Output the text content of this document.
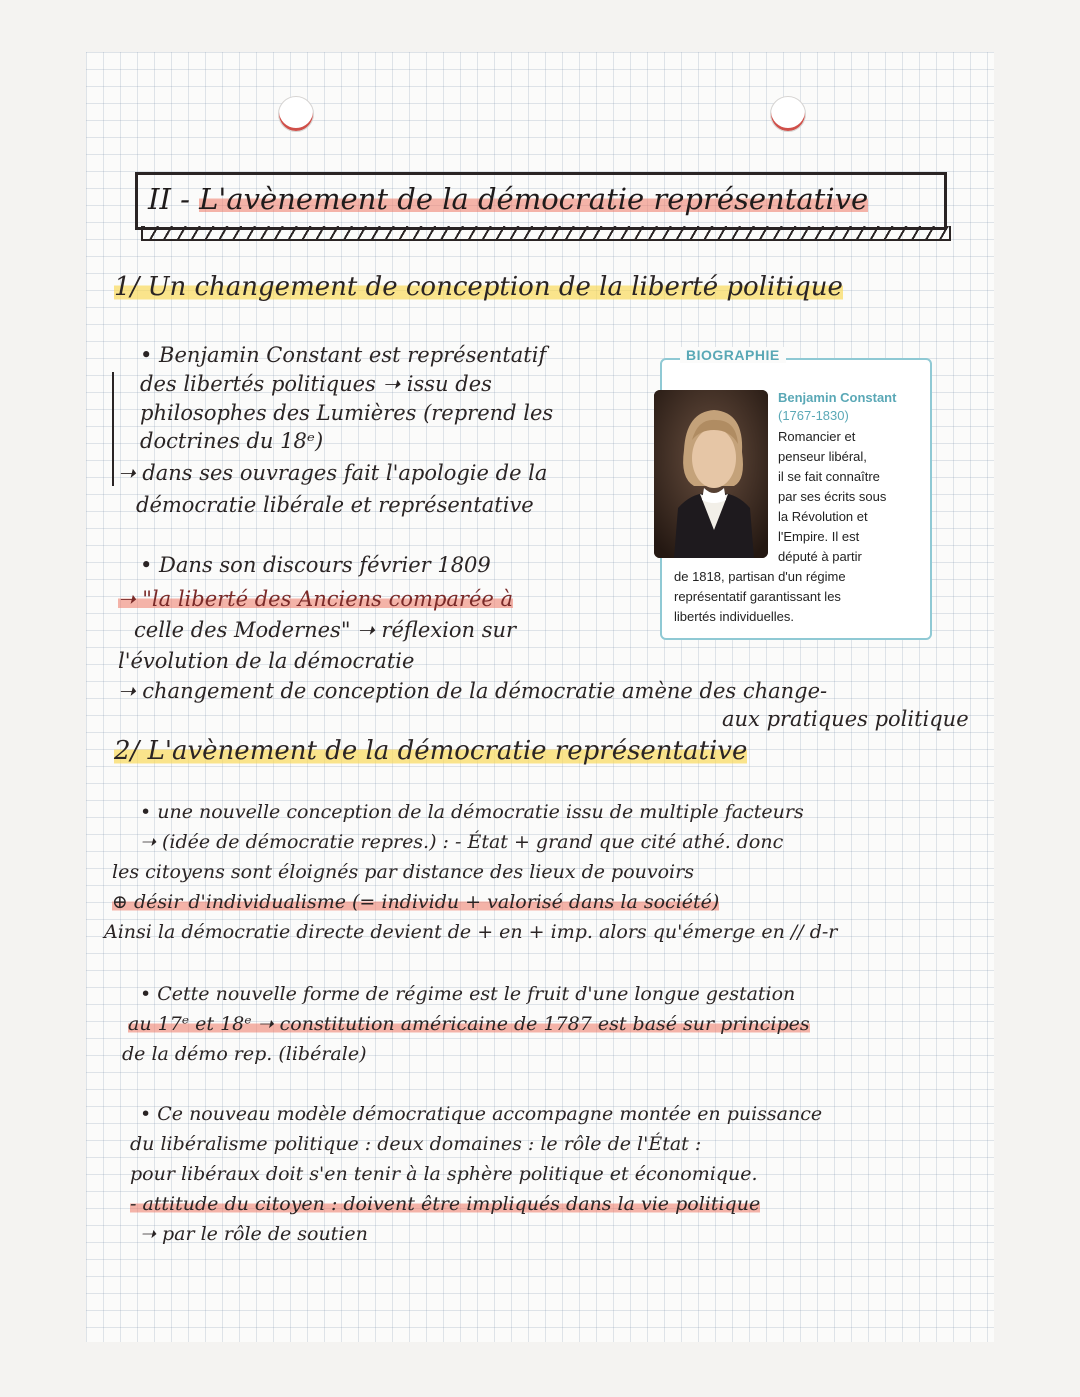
II - L'avènement de la démocratie représentative
1/ Un changement de conception de la liberté politique
• Benjamin Constant est représentatif
des libertés politiques ➝ issu des
philosophes des Lumières (reprend les
doctrines du 18ᵉ)
➝ dans ses ouvrages fait l'apologie de la
démocratie libérale et représentative
BIOGRAPHIE
Benjamin Constant
(1767-1830)
Romancier et
penseur libéral,
il se fait connaître
par ses écrits sous
la Révolution et
l'Empire. Il est
député à partir
de 1818, partisan d'un régime
représentatif garantissant les
libertés individuelles.
• Dans son discours février 1809
➝ "la liberté des Anciens comparée à
celle des Modernes" ➝ réflexion sur
l'évolution de la démocratie
➝ changement de conception de la démocratie amène des change-
aux pratiques politique
2/ L'avènement de la démocratie représentative
• une nouvelle conception de la démocratie issu de multiple facteurs
➝ (idée de démocratie repres.) : - État + grand que cité athé. donc
les citoyens sont éloignés par distance des lieux de pouvoirs
⊕ désir d'individualisme (= individu + valorisé dans la société)
Ainsi la démocratie directe devient de + en + imp. alors qu'émerge en // d-r
• Cette nouvelle forme de régime est le fruit d'une longue gestation
au 17ᵉ et 18ᵉ ➝ constitution américaine de 1787 est basé sur principes
de la démo rep. (libérale)
• Ce nouveau modèle démocratique accompagne montée en puissance
du libéralisme politique : deux domaines : le rôle de l'État :
pour libéraux doit s'en tenir à la sphère politique et économique.
- attitude du citoyen : doivent être impliqués dans la vie politique
➝ par le rôle de soutien
